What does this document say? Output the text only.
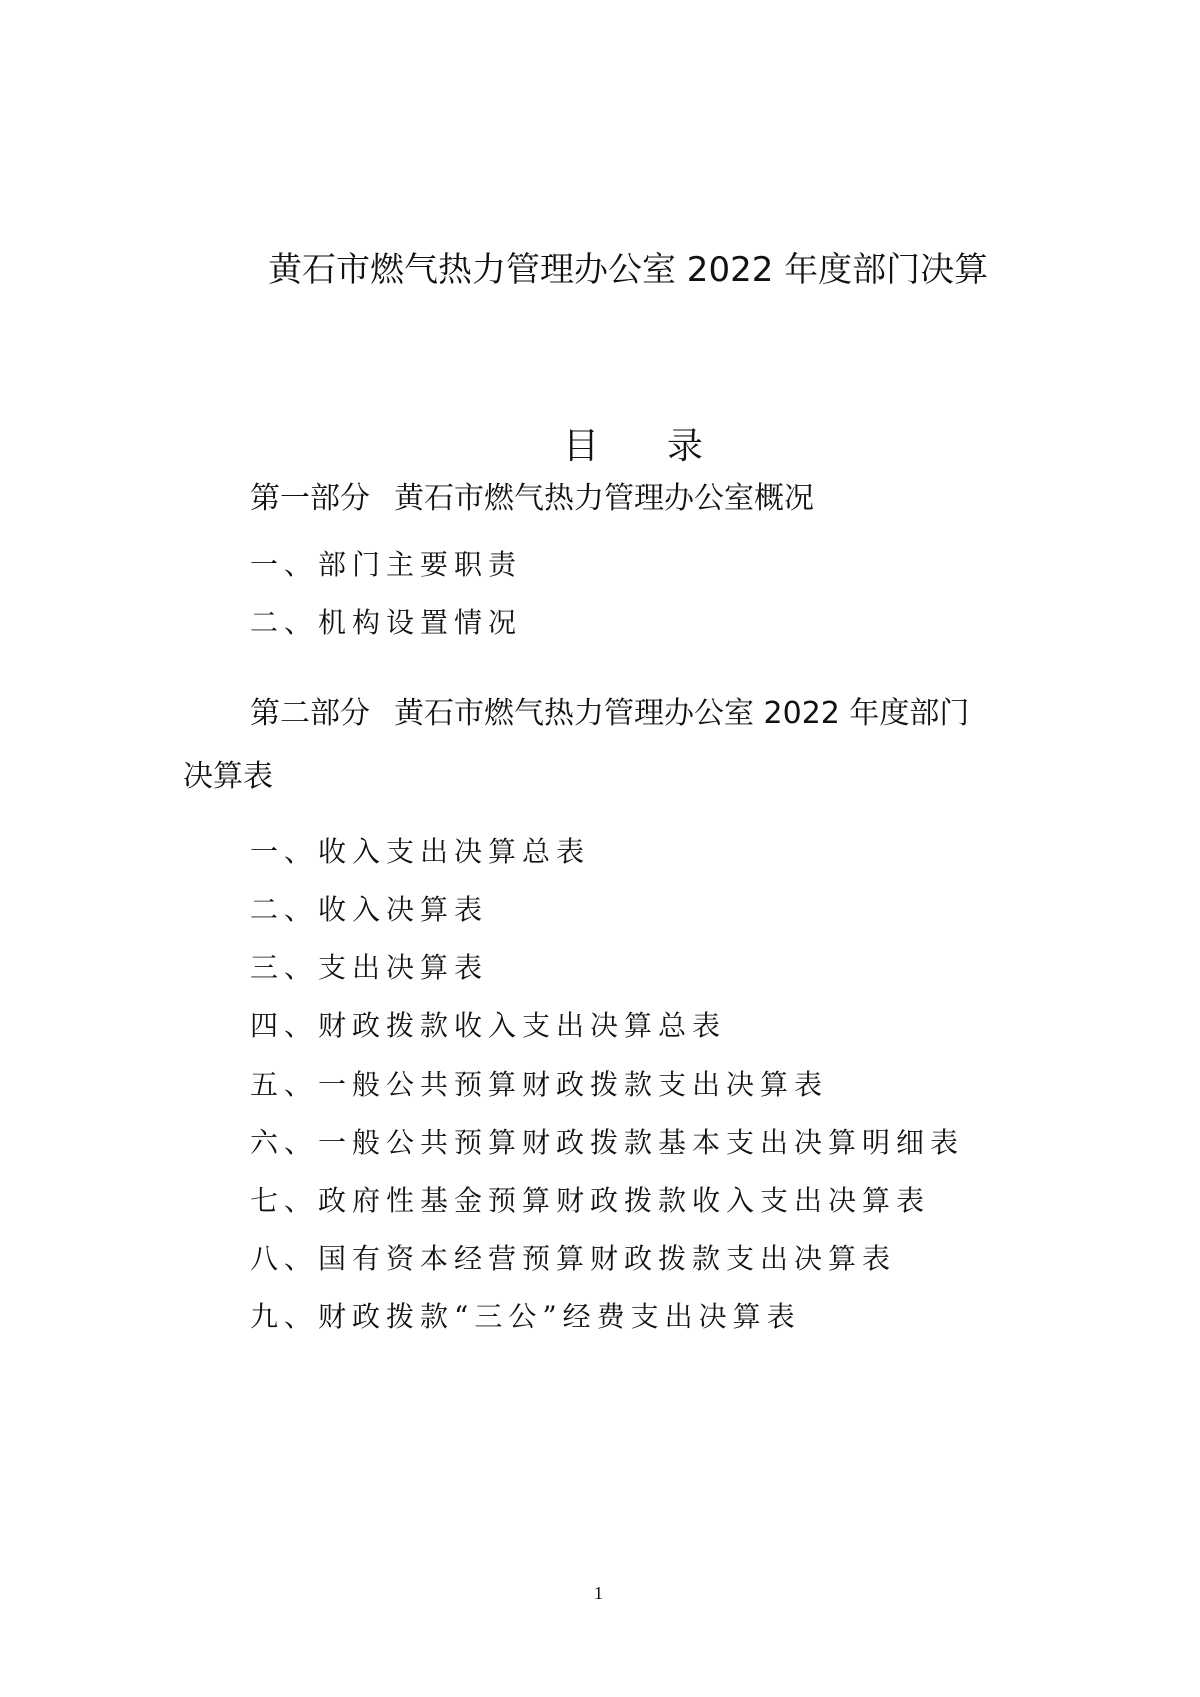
黄石市燃气热力管理办公室 2022 年度部门决算
目录
第一部分 黄石市燃气热力管理办公室概况
一、部门主要职责
二、机构设置情况
第二部分 黄石市燃气热力管理办公室 2022 年度部门
决算表
一、收入支出决算总表
二、收入决算表
三、支出决算表
四、财政拨款收入支出决算总表
五、一般公共预算财政拨款支出决算表
六、一般公共预算财政拨款基本支出决算明细表
七、政府性基金预算财政拨款收入支出决算表
八、国有资本经营预算财政拨款支出决算表
九、财政拨款“三公”经费支出决算表
1
